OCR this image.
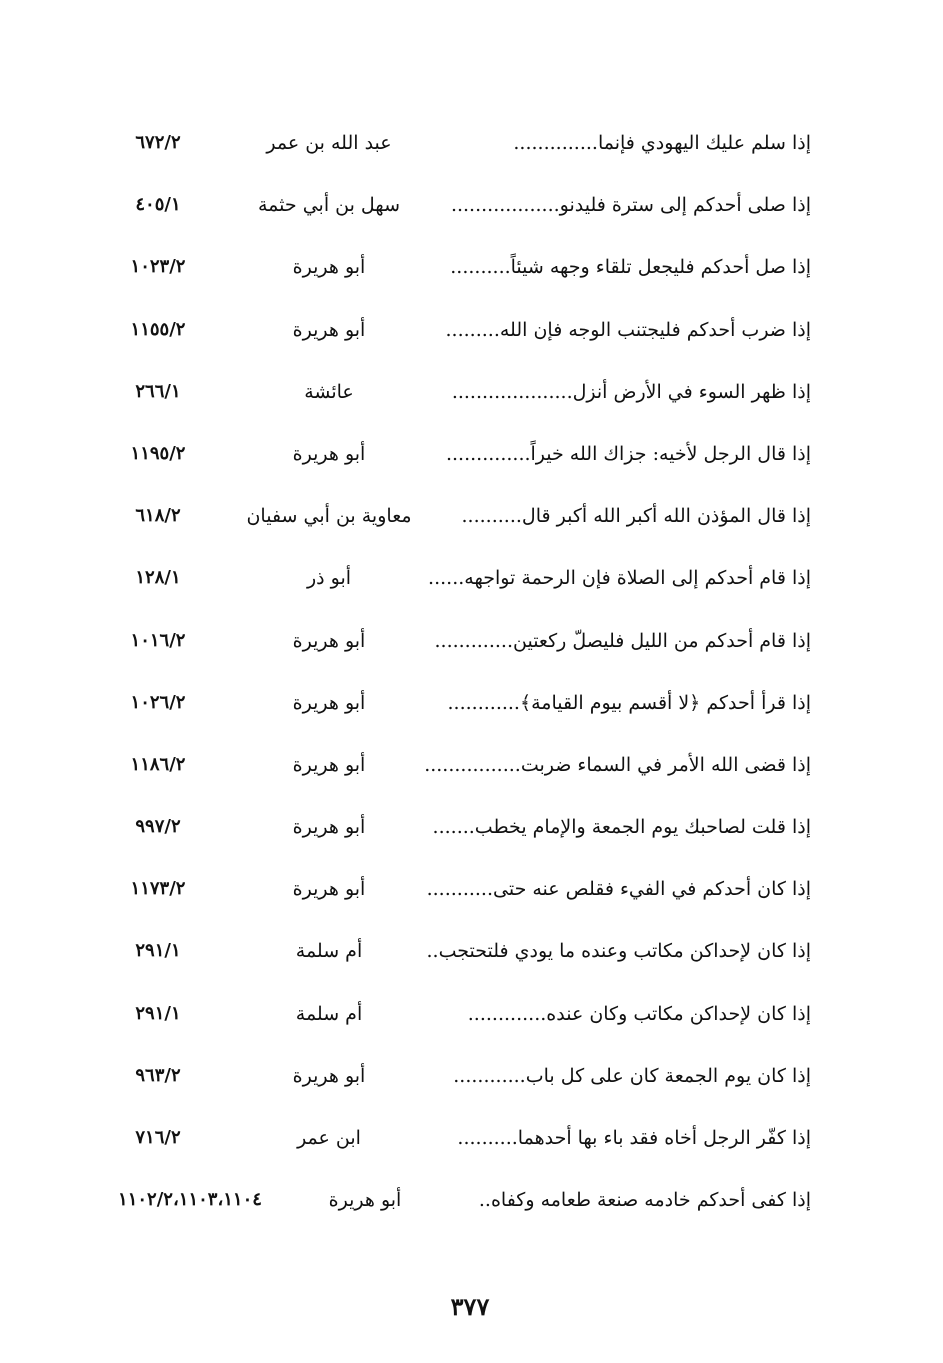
إذا سلم عليك اليهودي فإنما..............
عبد الله بن عمر
٦٧٢/٢
إذا صلى أحدكم إلى سترة فليدنو..................
سهل بن أبي حثمة
٤٠٥/١
إذا صل أحدكم فليجعل تلقاء وجهه شيئاً..........
أبو هريرة
١٠٢٣/٢
إذا ضرب أحدكم فليجتنب الوجه فإن الله.........
أبو هريرة
١١٥٥/٢
إذا ظهر السوء في الأرض أنزل....................
عائشة
٢٦٦/١
إذا قال الرجل لأخيه: جزاك الله خيراً..............
أبو هريرة
١١٩٥/٢
إذا قال المؤذن الله أكبر الله أكبر قال..........
معاوية بن أبي سفيان
٦١٨/٢
إذا قام أحدكم إلى الصلاة فإن الرحمة تواجهه......
أبو ذر
١٢٨/١
إذا قام أحدكم من الليل فليصلّ ركعتين.............
أبو هريرة
١٠١٦/٢
إذا قرأ أحدكم ﴿لا أقسم بيوم القيامة﴾............
أبو هريرة
١٠٢٦/٢
إذا قضى الله الأمر في السماء ضربت................
أبو هريرة
١١٨٦/٢
إذا قلت لصاحبك يوم الجمعة والإمام يخطب.......
أبو هريرة
٩٩٧/٢
إذا كان أحدكم في الفيء فقلص عنه حتى...........
أبو هريرة
١١٧٣/٢
إذا كان لإحداكن مكاتب وعنده ما يودي فلتحتجب..
أم سلمة
٢٩١/١
إذا كان لإحداكن مكاتب وكان عنده.............
أم سلمة
٢٩١/١
إذا كان يوم الجمعة كان على كل باب............
أبو هريرة
٩٦٣/٢
إذا كفّر الرجل أخاه فقد باء بها أحدهما..........
ابن عمر
٧١٦/٢
إذا كفى أحدكم خادمه صنعة طعامه وكفاه..
أبو هريرة
١١٠٢/٢،١١٠٣،١١٠٤
٣٧٧
